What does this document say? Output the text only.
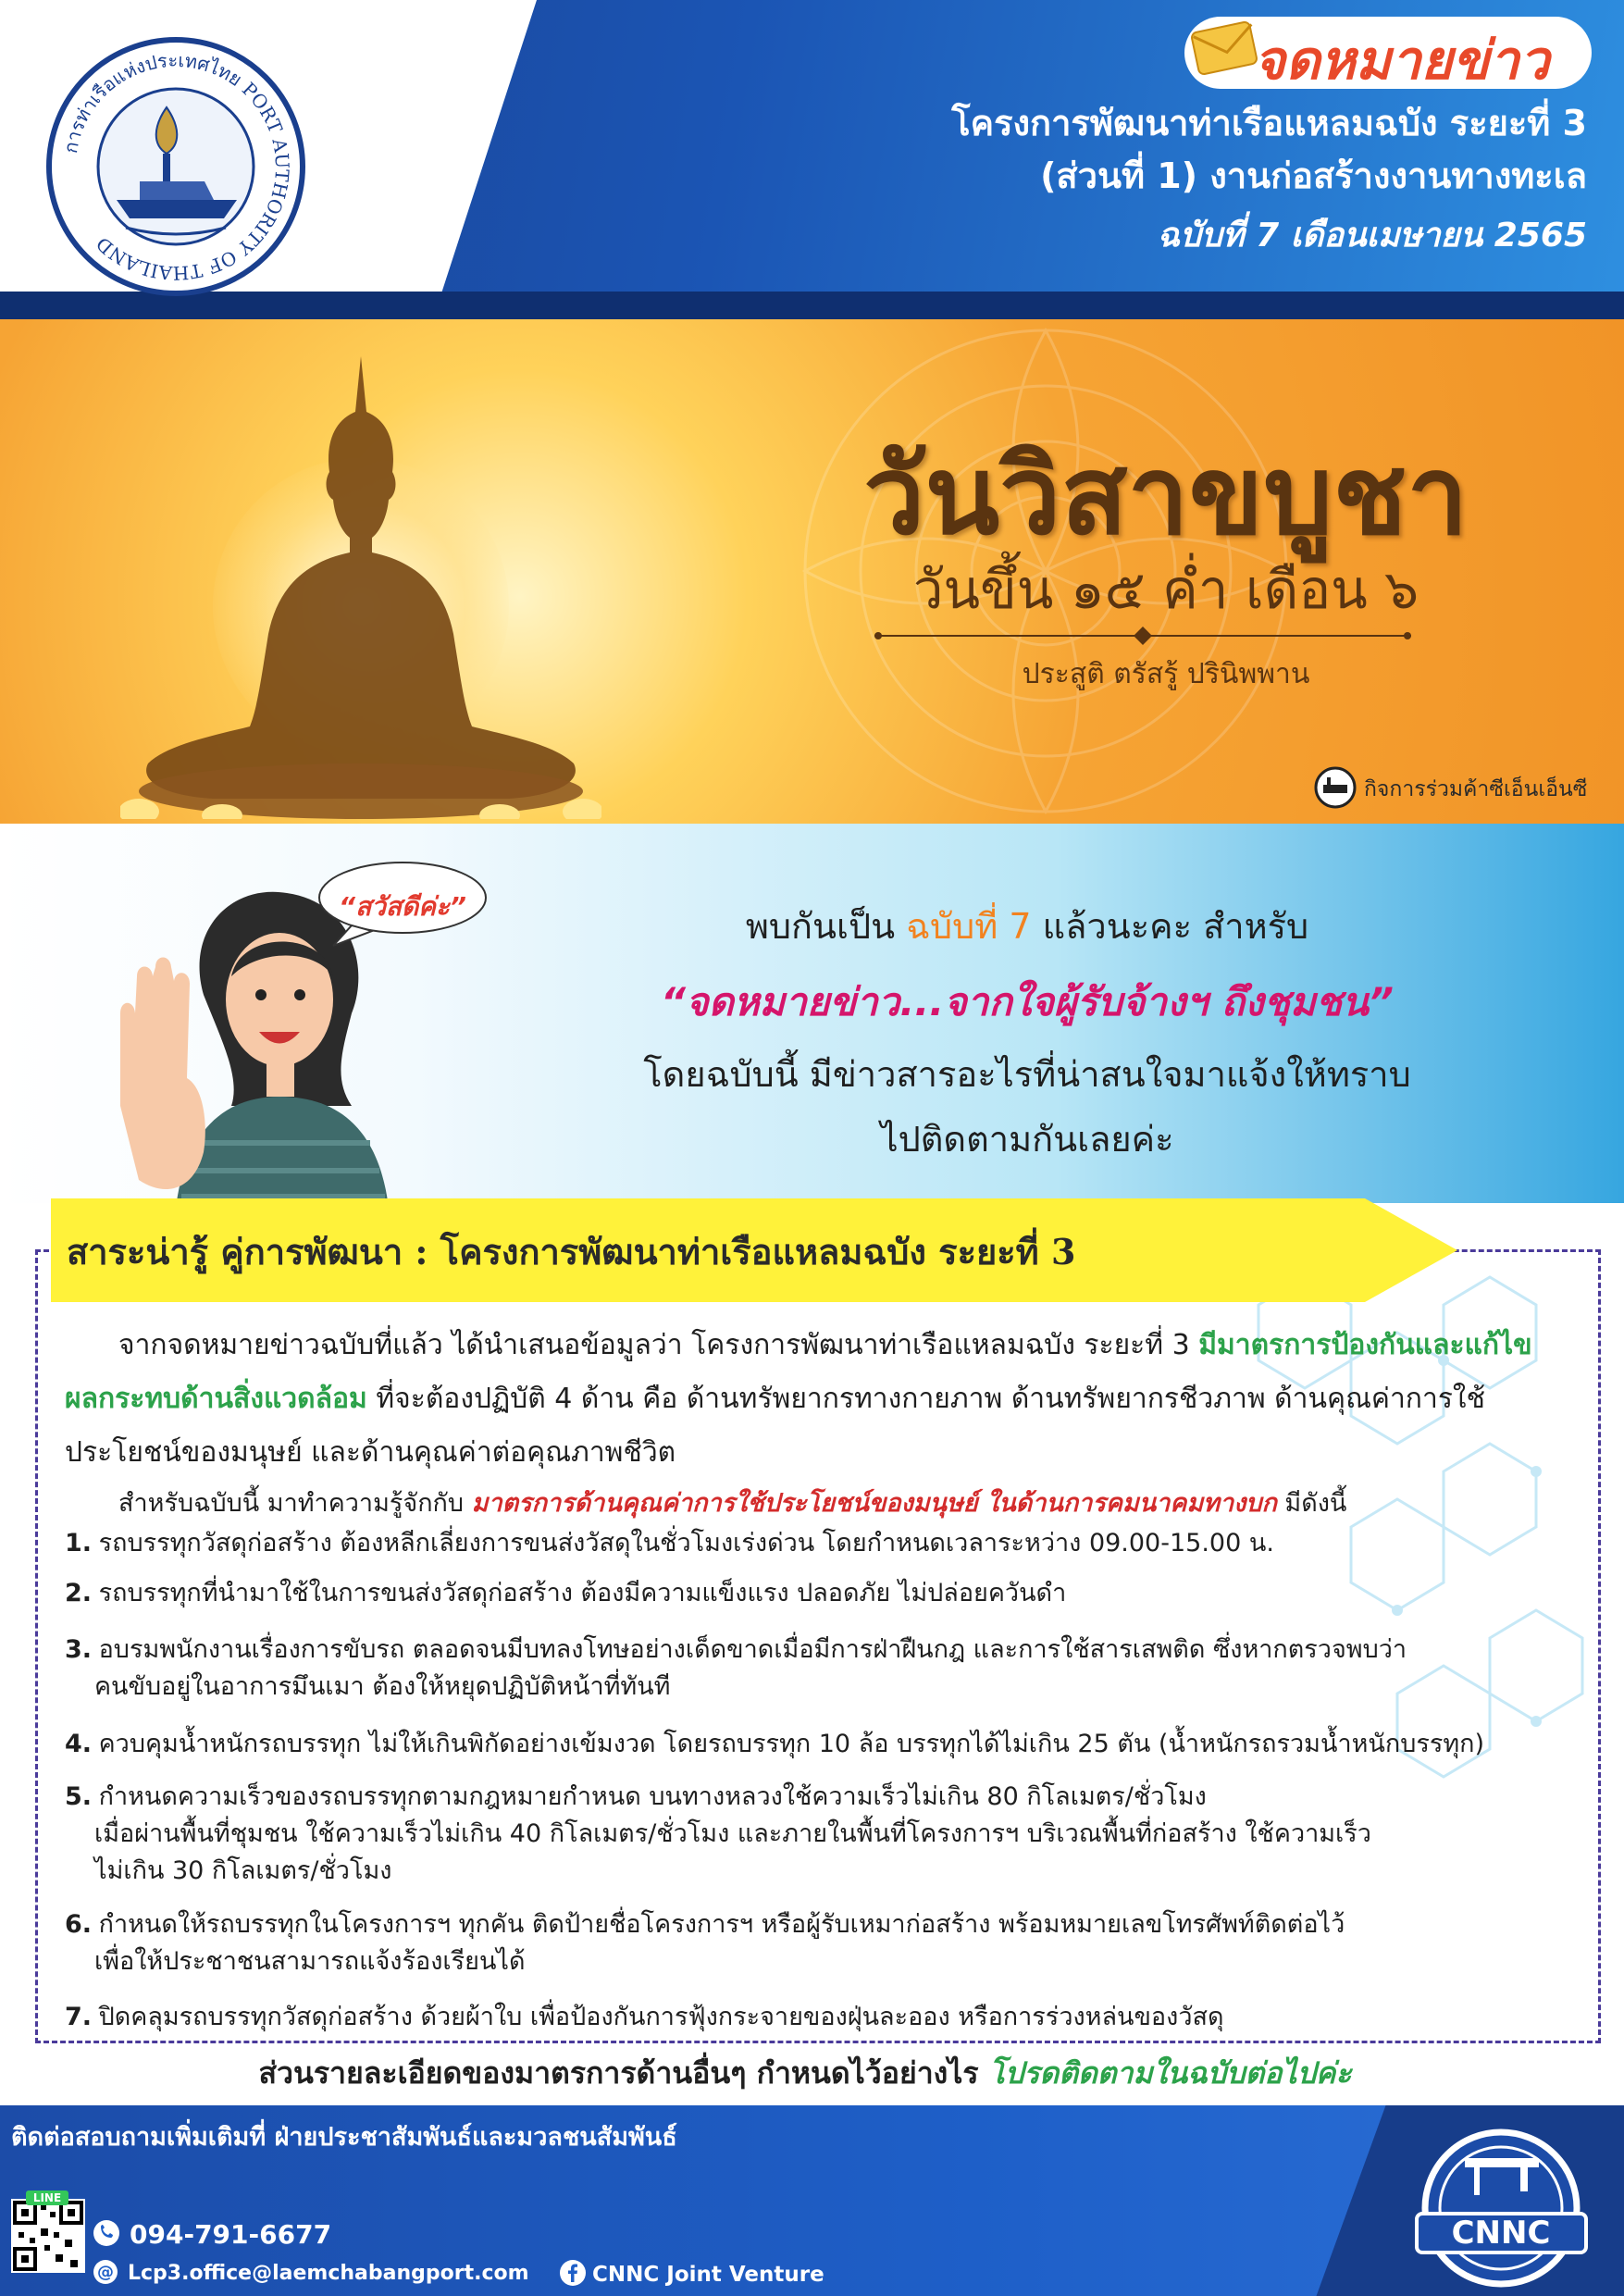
การท่าเรือแห่งประเทศไทย PORT AUTHORITY OF THAILAND
จดหมายข่าว
โครงการพัฒนาท่าเรือแหลมฉบัง ระยะที่ 3
(ส่วนที่ 1) งานก่อสร้างงานทางทะเล
ฉบับที่ 7 เดือนเมษายน 2565
วันวิสาขบูชา
วันขึ้น ๑๕ ค่ำ เดือน ๖
ประสูติ ตรัสรู้ ปรินิพพาน
กิจการร่วมค้าซีเอ็นเอ็นซี
“สวัสดีค่ะ”	พบกันเป็น ฉบับที่ 7 แล้วนะคะ สำหรับ
“จดหมายข่าว...จากใจผู้รับจ้างฯ ถึงชุมชน”
โดยฉบับนี้ มีข่าวสารอะไรที่น่าสนใจมาแจ้งให้ทราบ
ไปติดตามกันเลยค่ะ
สาระน่ารู้ คู่การพัฒนา : โครงการพัฒนาท่าเรือแหลมฉบัง ระยะที่ 3
จากจดหมายข่าวฉบับที่แล้ว ได้นำเสนอข้อมูลว่า โครงการพัฒนาท่าเรือแหลมฉบัง ระยะที่ 3 มีมาตรการป้องกันและแก้ไขผลกระทบด้านสิ่งแวดล้อม ที่จะต้องปฏิบัติ 4 ด้าน คือ ด้านทรัพยากรทางกายภาพ ด้านทรัพยากรชีวภาพ ด้านคุณค่าการใช้ประโยชน์ของมนุษย์ และด้านคุณค่าต่อคุณภาพชีวิต
สำหรับฉบับนี้ มาทำความรู้จักกับ มาตรการด้านคุณค่าการใช้ประโยชน์ของมนุษย์ ในด้านการคมนาคมทางบก มีดังนี้
1. รถบรรทุกวัสดุก่อสร้าง ต้องหลีกเลี่ยงการขนส่งวัสดุในชั่วโมงเร่งด่วน โดยกำหนดเวลาระหว่าง 09.00-15.00 น.
2. รถบรรทุกที่นำมาใช้ในการขนส่งวัสดุก่อสร้าง ต้องมีความแข็งแรง ปลอดภัย ไม่ปล่อยควันดำ
3. อบรมพนักงานเรื่องการขับรถ ตลอดจนมีบทลงโทษอย่างเด็ดขาดเมื่อมีการฝ่าฝืนกฎ และการใช้สารเสพติด ซึ่งหากตรวจพบว่า
คนขับอยู่ในอาการมึนเมา ต้องให้หยุดปฏิบัติหน้าที่ทันที
4. ควบคุมน้ำหนักรถบรรทุก ไม่ให้เกินพิกัดอย่างเข้มงวด โดยรถบรรทุก 10 ล้อ บรรทุกได้ไม่เกิน 25 ตัน (น้ำหนักรถรวมน้ำหนักบรรทุก)
5. กำหนดความเร็วของรถบรรทุกตามกฎหมายกำหนด บนทางหลวงใช้ความเร็วไม่เกิน 80 กิโลเมตร/ชั่วโมง
เมื่อผ่านพื้นที่ชุมชน ใช้ความเร็วไม่เกิน 40 กิโลเมตร/ชั่วโมง และภายในพื้นที่โครงการฯ บริเวณพื้นที่ก่อสร้าง ใช้ความเร็ว
ไม่เกิน 30 กิโลเมตร/ชั่วโมง
6. กำหนดให้รถบรรทุกในโครงการฯ ทุกคัน ติดป้ายชื่อโครงการฯ หรือผู้รับเหมาก่อสร้าง พร้อมหมายเลขโทรศัพท์ติดต่อไว้
เพื่อให้ประชาชนสามารถแจ้งร้องเรียนได้
7. ปิดคลุมรถบรรทุกวัสดุก่อสร้าง ด้วยผ้าใบ เพื่อป้องกันการฟุ้งกระจายของฝุ่นละออง หรือการร่วงหล่นของวัสดุ
ส่วนรายละเอียดของมาตรการด้านอื่นๆ กำหนดไว้อย่างไร โปรดติดตามในฉบับต่อไปค่ะ
ติดต่อสอบถามเพิ่มเติมที่ ฝ่ายประชาสัมพันธ์และมวลชนสัมพันธ์
LINE
094-791-6677
@ Lcp3.office@laemchabangport.com	CNNC Joint Venture
CNNC
